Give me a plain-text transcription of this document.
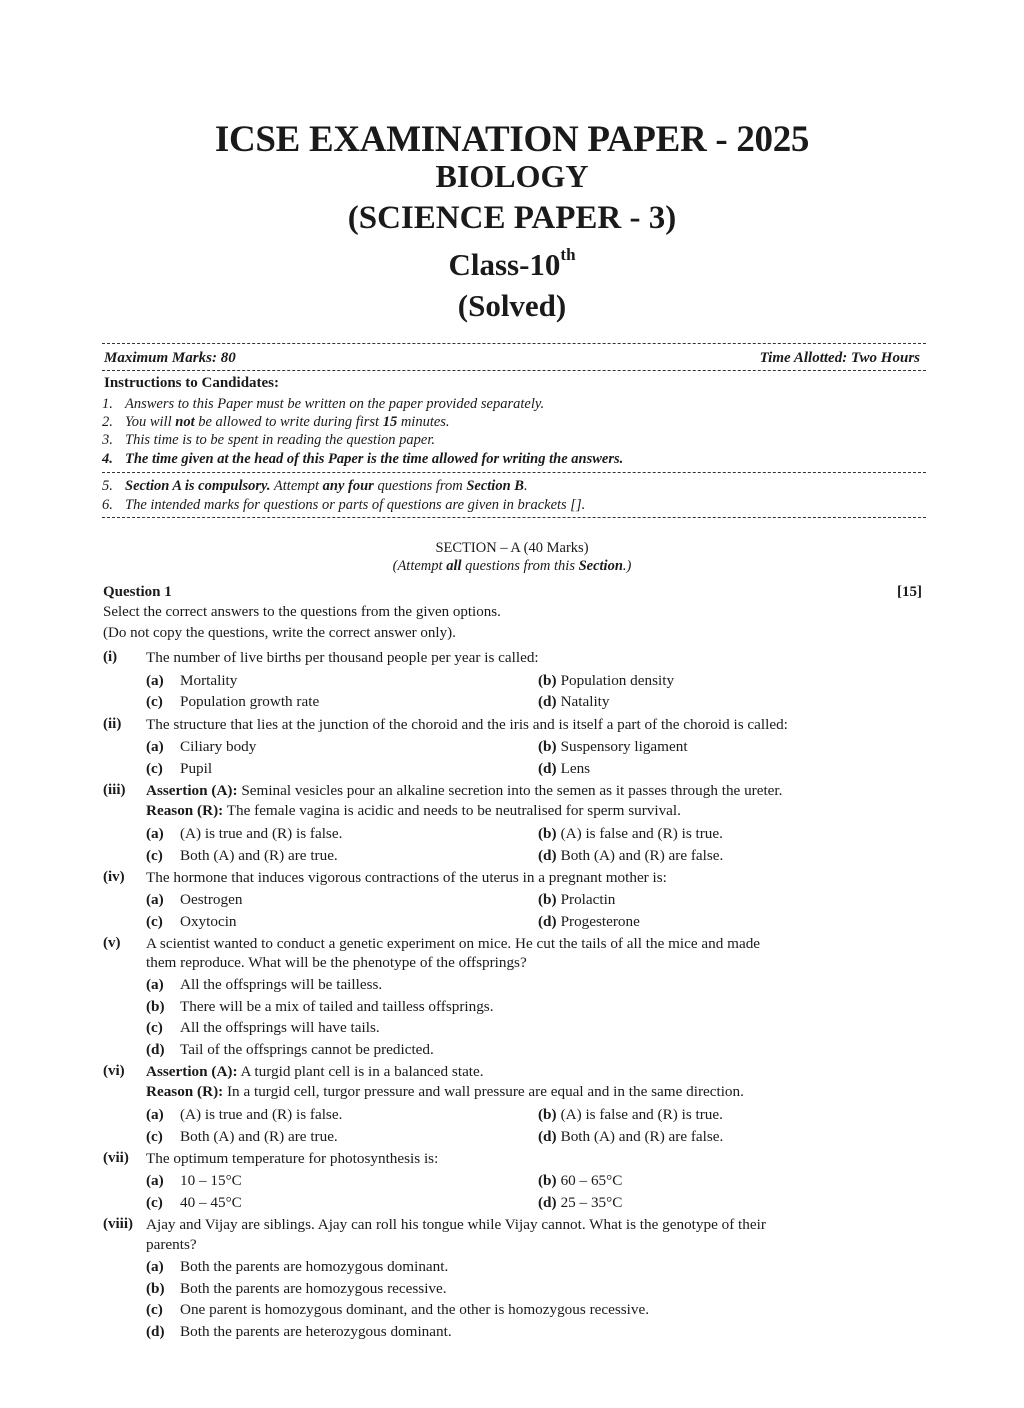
ICSE EXAMINATION PAPER - 2025
BIOLOGY
(SCIENCE PAPER - 3)
Class-10th
(Solved)
Maximum Marks: 80	Time Allotted: Two Hours
Instructions to Candidates:
1. Answers to this Paper must be written on the paper provided separately.
2. You will not be allowed to write during first 15 minutes.
3. This time is to be spent in reading the question paper.
4. The time given at the head of this Paper is the time allowed for writing the answers.
5. Section A is compulsory. Attempt any four questions from Section B.
6. The intended marks for questions or parts of questions are given in brackets [].
SECTION – A (40 Marks)
(Attempt all questions from this Section.)
Question 1	[15]
Select the correct answers to the questions from the given options.
(Do not copy the questions, write the correct answer only).
(i) The number of live births per thousand people per year is called:
(a) Mortality	(b) Population density
(c) Population growth rate	(d) Natality
(ii) The structure that lies at the junction of the choroid and the iris and is itself a part of the choroid is called:
(a) Ciliary body	(b) Suspensory ligament
(c) Pupil	(d) Lens
(iii) Assertion (A): Seminal vesicles pour an alkaline secretion into the semen as it passes through the ureter.
Reason (R): The female vagina is acidic and needs to be neutralised for sperm survival.
(a) (A) is true and (R) is false.	(b) (A) is false and (R) is true.
(c) Both (A) and (R) are true.	(d) Both (A) and (R) are false.
(iv) The hormone that induces vigorous contractions of the uterus in a pregnant mother is:
(a) Oestrogen	(b) Prolactin
(c) Oxytocin	(d) Progesterone
(v) A scientist wanted to conduct a genetic experiment on mice. He cut the tails of all the mice and made
them reproduce. What will be the phenotype of the offsprings?
(a) All the offsprings will be tailless.
(b) There will be a mix of tailed and tailless offsprings.
(c) All the offsprings will have tails.
(d) Tail of the offsprings cannot be predicted.
(vi) Assertion (A): A turgid plant cell is in a balanced state.
Reason (R): In a turgid cell, turgor pressure and wall pressure are equal and in the same direction.
(a) (A) is true and (R) is false.	(b) (A) is false and (R) is true.
(c) Both (A) and (R) are true.	(d) Both (A) and (R) are false.
(vii) The optimum temperature for photosynthesis is:
(a) 10 – 15°C	(b) 60 – 65°C
(c) 40 – 45°C	(d) 25 – 35°C
(viii) Ajay and Vijay are siblings. Ajay can roll his tongue while Vijay cannot. What is the genotype of their
parents?
(a) Both the parents are homozygous dominant.
(b) Both the parents are homozygous recessive.
(c) One parent is homozygous dominant, and the other is homozygous recessive.
(d) Both the parents are heterozygous dominant.
